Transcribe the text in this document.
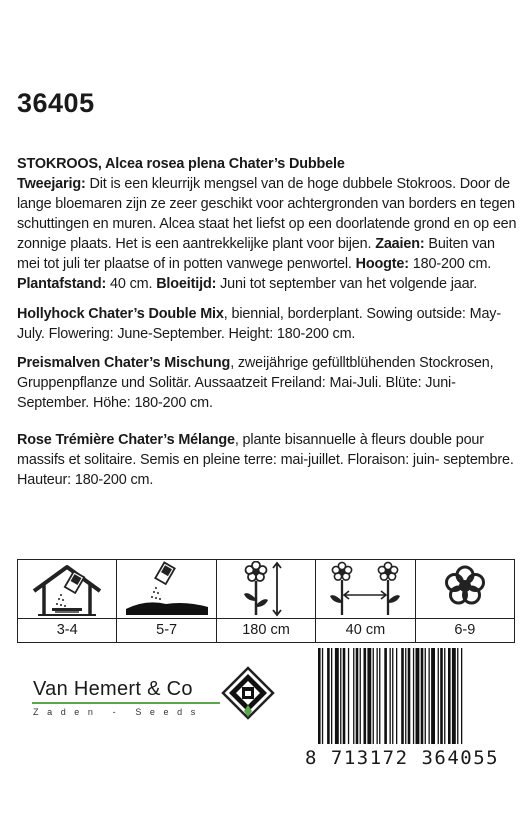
36405
STOKROOS, Alcea rosea plena Chater’s Dubbele
Tweejarig: Dit is een kleurrijk mengsel van de hoge dubbele Stokroos. Door de lange bloemaren zijn ze zeer geschikt voor achtergronden van borders en tegen schuttingen en muren. Alcea staat het liefst op een doorlatende grond en op een zonnige plaats. Het is een aantrekkelijke plant voor bijen. Zaaien: Buiten van mei tot juli ter plaatse of in potten vanwege penwortel. Hoogte: 180-200 cm. Plantafstand: 40 cm. Bloeitijd: Juni tot september van het volgende jaar.
Hollyhock Chater’s Double Mix, biennial, borderplant. Sowing outside: May-July. Flowering: June-September. Height: 180-200 cm.
Preismalven Chater’s Mischung, zweijährige gefülltblühenden Stockrosen, Gruppenpflanze und Solitär. Aussaatzeit Freiland: Mai-Juli. Blüte: Juni-September. Höhe: 180-200 cm.
Rose Trémière Chater’s Mélange, plante bisannuelle à fleurs double pour massifs et solitaire. Semis en pleine terre: mai-juillet. Floraison: juin- septembre. Hauteur: 180-200 cm.
3-4	5-7	180 cm	40 cm	6-9
Van Hemert & Co
Zaden - Seeds
8 713172 364055
